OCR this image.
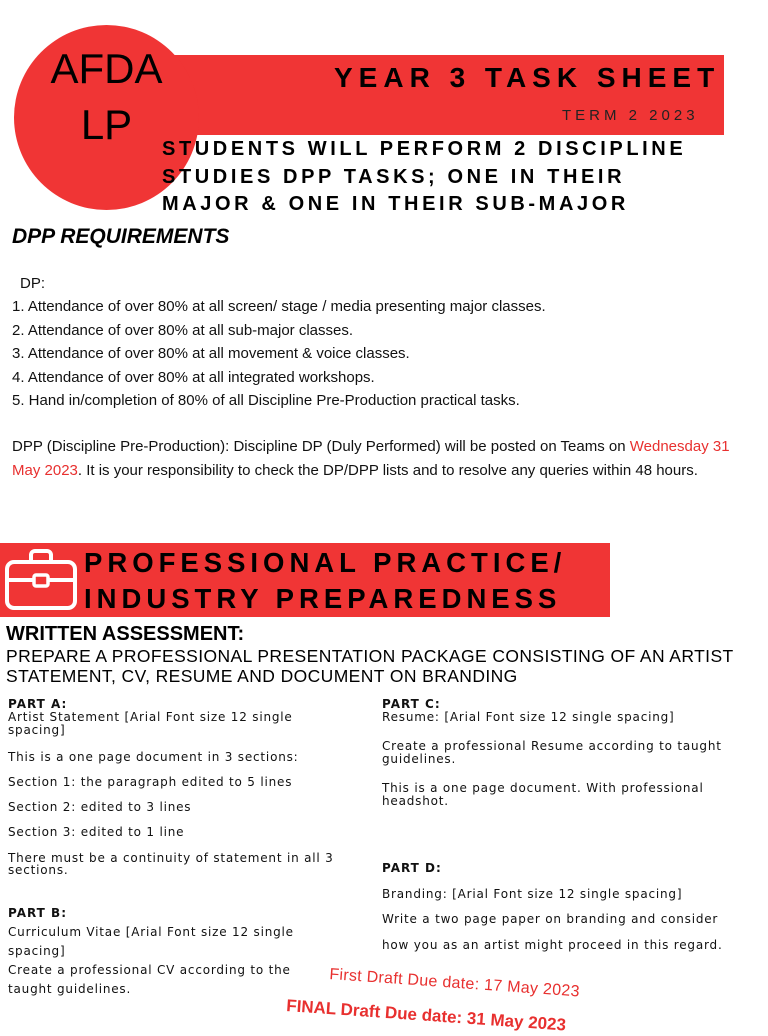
AFDA
LP
YEAR 3 TASK SHEET
TERM 2 2023
STUDENTS WILL PERFORM 2 DISCIPLINE
STUDIES DPP TASKS; ONE IN THEIR
MAJOR & ONE IN THEIR SUB-MAJOR
DPP REQUIREMENTS
DP:
1. Attendance of over 80% at all screen/ stage / media presenting major classes.
2. Attendance of over 80% at all sub-major classes.
3. Attendance of over 80% at all movement & voice classes.
4. Attendance of over 80% at all integrated workshops.
5. Hand in/completion of 80% of all Discipline Pre-Production practical tasks.
DPP (Discipline Pre-Production): Discipline DP (Duly Performed) will be posted on Teams on Wednesday 31 May 2023. It is your responsibility to check the DP/DPP lists and to resolve any queries within 48 hours.
PROFESSIONAL PRACTICE/
INDUSTRY PREPAREDNESS
WRITTEN ASSESSMENT:
PREPARE A PROFESSIONAL PRESENTATION PACKAGE CONSISTING OF AN ARTIST STATEMENT, CV, RESUME AND DOCUMENT ON BRANDING

PART A:

Artist Statement [Arial Font size 12 single spacing]

This is a one page document in 3 sections:

Section 1: the paragraph edited to 5 lines

Section 2: edited to 3 lines

Section 3: edited to 1 line

There must be a continuity of statement in all 3 sections.

PART B:

Curriculum Vitae [Arial Font size 12 single spacing]

Create a professional CV according to the taught guidelines.

PART C:

Resume: [Arial Font size 12 single spacing]

Create a professional Resume according to taught guidelines.

This is a one page document. With professional headshot.

PART D:

Branding: [Arial Font size 12 single spacing]

Write a two page paper on branding and consider how you as an artist might proceed in this regard.

First Draft Due date: 17 May 2023
FINAL Draft Due date: 31 May 2023
